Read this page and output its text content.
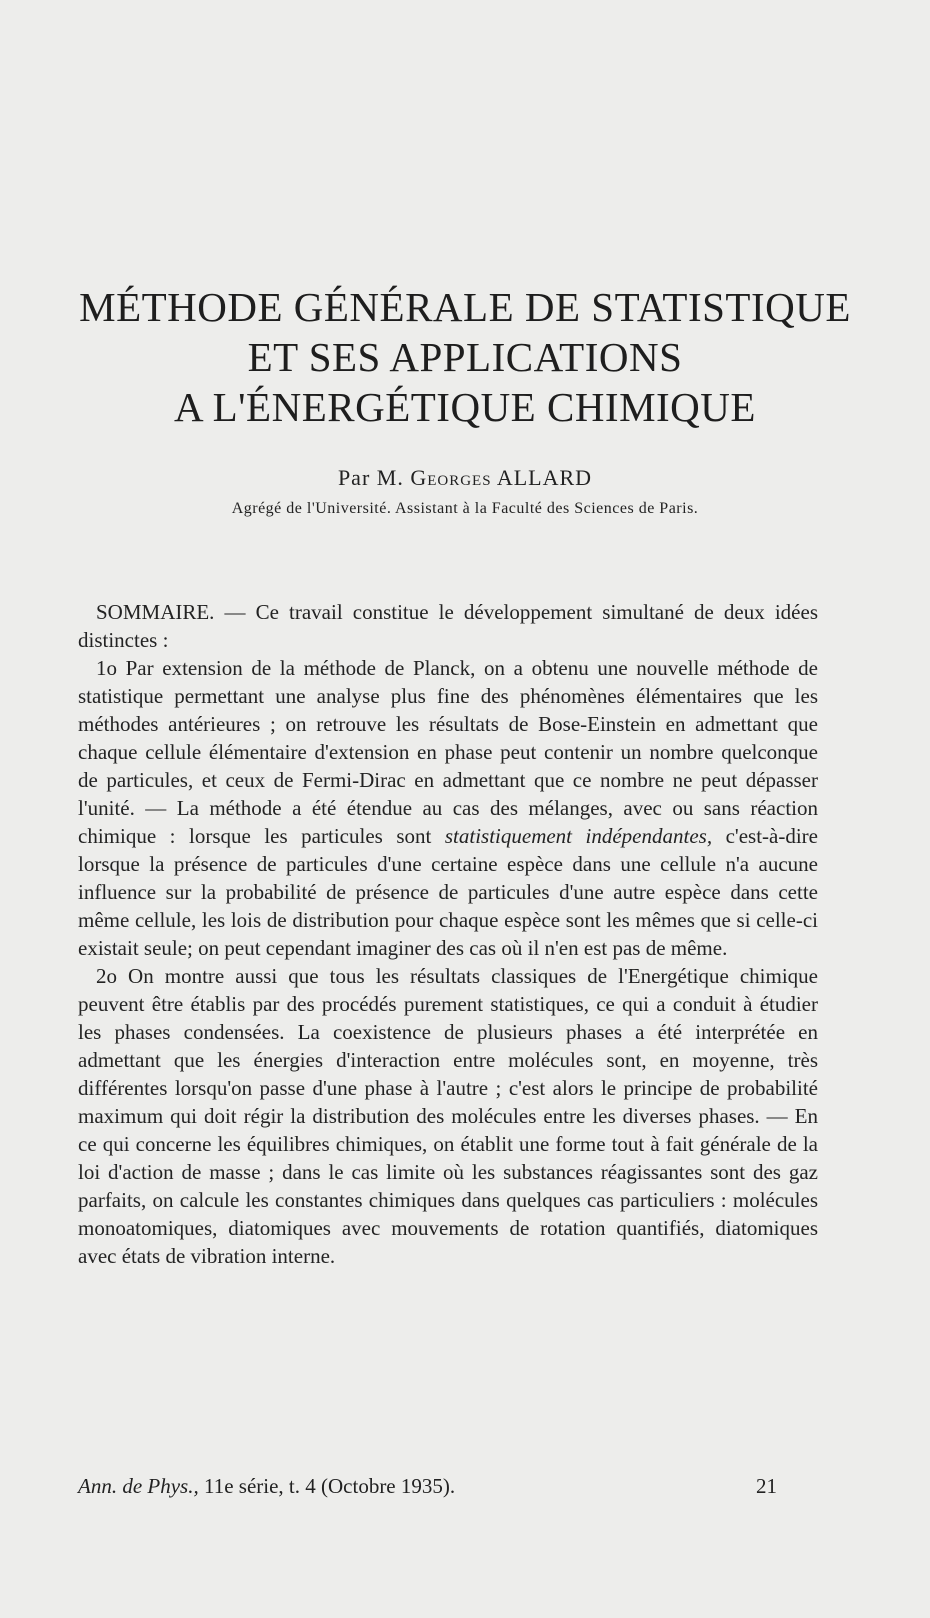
MÉTHODE GÉNÉRALE DE STATISTIQUE
ET SES APPLICATIONS
A L'ÉNERGÉTIQUE CHIMIQUE
Par M. Georges ALLARD
Agrégé de l'Université. Assistant à la Faculté des Sciences de Paris.

SOMMAIRE. — Ce travail constitue le développement simultané de deux idées distinctes :

1o Par extension de la méthode de Planck, on a obtenu une nouvelle méthode de statistique permettant une analyse plus fine des phénomènes élémentaires que les méthodes antérieures ; on retrouve les résultats de Bose-Einstein en admettant que chaque cellule élémentaire d'extension en phase peut contenir un nombre quelconque de particules, et ceux de Fermi-Dirac en admettant que ce nombre ne peut dépasser l'unité. — La méthode a été étendue au cas des mélanges, avec ou sans réaction chimique : lorsque les particules sont statistiquement indépendantes, c'est-à-dire lorsque la présence de particules d'une certaine espèce dans une cellule n'a aucune influence sur la probabilité de présence de particules d'une autre espèce dans cette même cellule, les lois de distribution pour chaque espèce sont les mêmes que si celle-ci existait seule; on peut cependant imaginer des cas où il n'en est pas de même.

2o On montre aussi que tous les résultats classiques de l'Energétique chimique peuvent être établis par des procédés purement statistiques, ce qui a conduit à étudier les phases condensées. La coexistence de plusieurs phases a été interprétée en admettant que les énergies d'interaction entre molécules sont, en moyenne, très différentes lorsqu'on passe d'une phase à l'autre ; c'est alors le principe de probabilité maximum qui doit régir la distribution des molécules entre les diverses phases. — En ce qui concerne les équilibres chimiques, on établit une forme tout à fait générale de la loi d'action de masse ; dans le cas limite où les substances réagissantes sont des gaz parfaits, on calcule les constantes chimiques dans quelques cas particuliers : molécules monoatomiques, diatomiques avec mouvements de rotation quantifiés, diatomiques avec états de vibration interne.

Ann. de Phys., 11e série, t. 4 (Octobre 1935).	21
